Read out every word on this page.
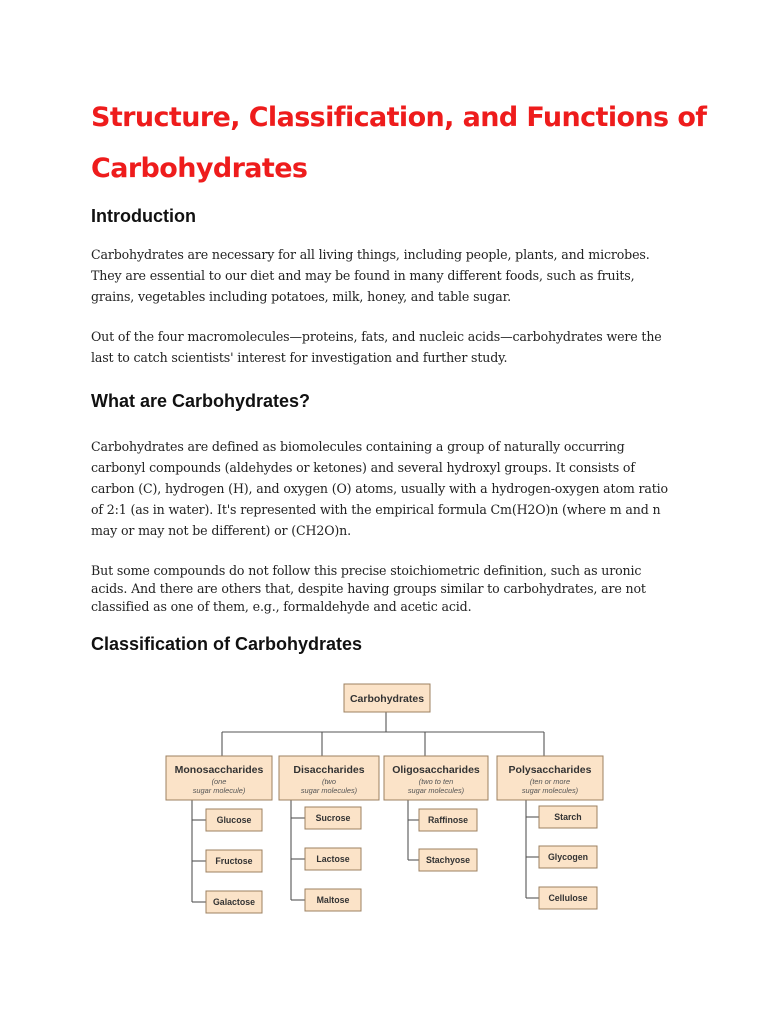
Structure, Classification, and Functions of Carbohydrates
Introduction

Carbohydrates are necessary for all living things, including people, plants, and microbes. They are essential to our diet and may be found in many different foods, such as fruits, grains, vegetables including potatoes, milk, honey, and table sugar.

Out of the four macromolecules—proteins, fats, and nucleic acids—carbohydrates were the last to catch scientists' interest for investigation and further study.

What are Carbohydrates?

Carbohydrates are defined as biomolecules containing a group of naturally occurring carbonyl compounds (aldehydes or ketones) and several hydroxyl groups. It consists of carbon (C), hydrogen (H), and oxygen (O) atoms, usually with a hydrogen-oxygen atom ratio of 2:1 (as in water). It's represented with the empirical formula Cm(H2O)n (where m and n may or may not be different) or (CH2O)n.

But some compounds do not follow this precise stoichiometric definition, such as uronic acids. And there are others that, despite having groups similar to carbohydrates, are not classified as one of them, e.g., formaldehyde and acetic acid.

Classification of Carbohydrates
Carbohydrates
Monosaccharides
(one
sugar molecule)
Disaccharides
(two
sugar molecules)
Oligosaccharides
(two to ten
sugar molecules)
Polysaccharides
(ten or more
sugar molecules)
Glucose
Fructose
Galactose
Sucrose
Lactose
Maltose
Raffinose
Stachyose
Starch
Glycogen
Cellulose
